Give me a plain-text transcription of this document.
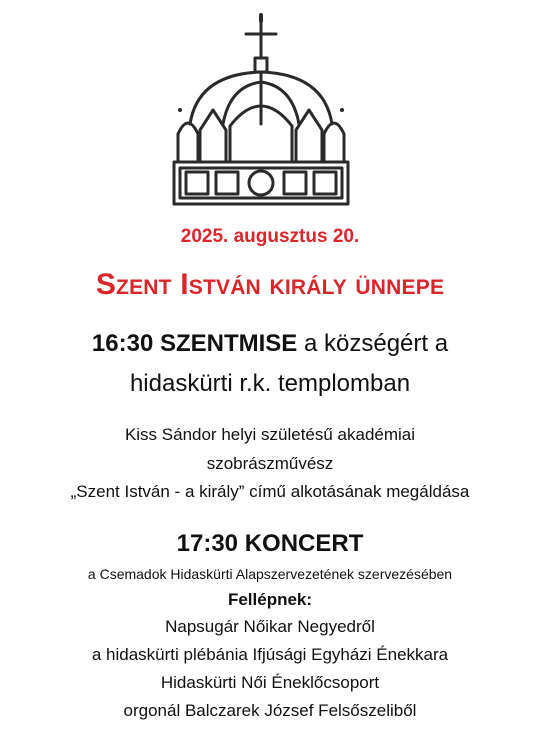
2025. augusztus 20.

Szent István király ünnepe

16:30 SZENTMISE a községért a

hidaskürti r.k. templomban

Kiss Sándor helyi születésű akadémiai

szobrászművész

„Szent István - a király” című alkotásának megáldása

17:30 KONCERT

a Csemadok Hidaskürti Alapszervezetének szervezésében

Fellépnek:

Napsugár Nőikar Negyedről

a hidaskürti plébánia Ifjúsági Egyházi Énekkara

Hidaskürti Női Éneklőcsoport

orgonál Balczarek József Felsőszeliből
